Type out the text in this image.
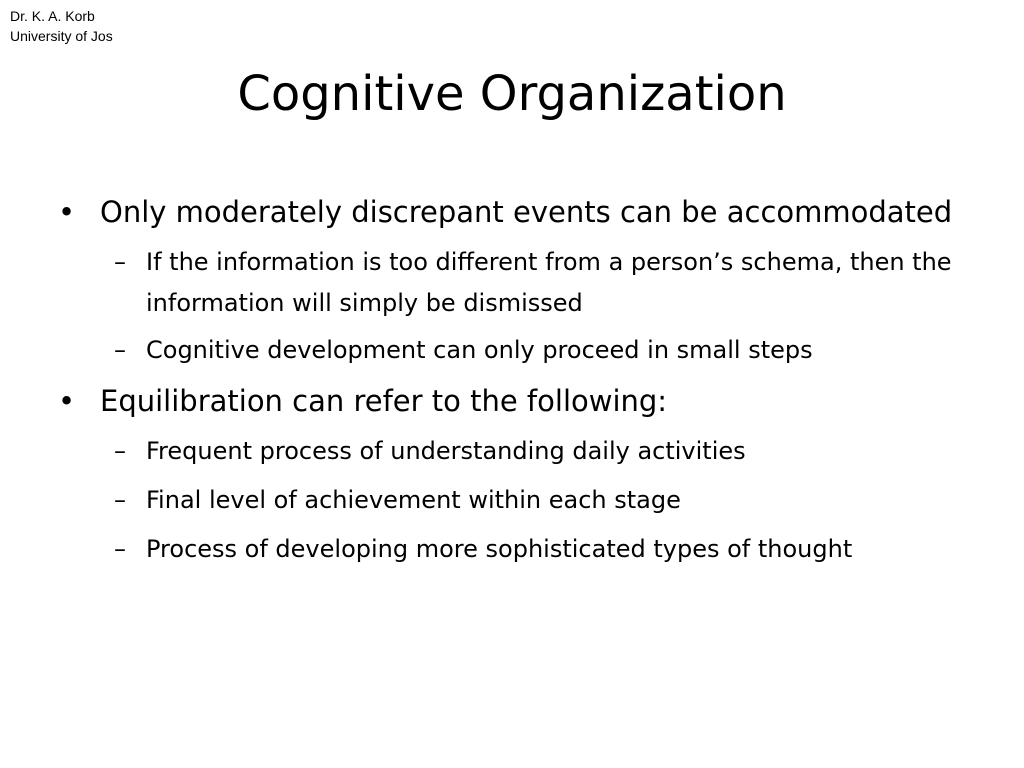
Dr. K. A. Korb
University of Jos
Cognitive Organization
• Only moderately discrepant events can be accommodated
– If the information is too different from a person’s schema, then the information will simply be dismissed
– Cognitive development can only proceed in small steps
• Equilibration can refer to the following:
– Frequent process of understanding daily activities
– Final level of achievement within each stage
– Process of developing more sophisticated types of thought
